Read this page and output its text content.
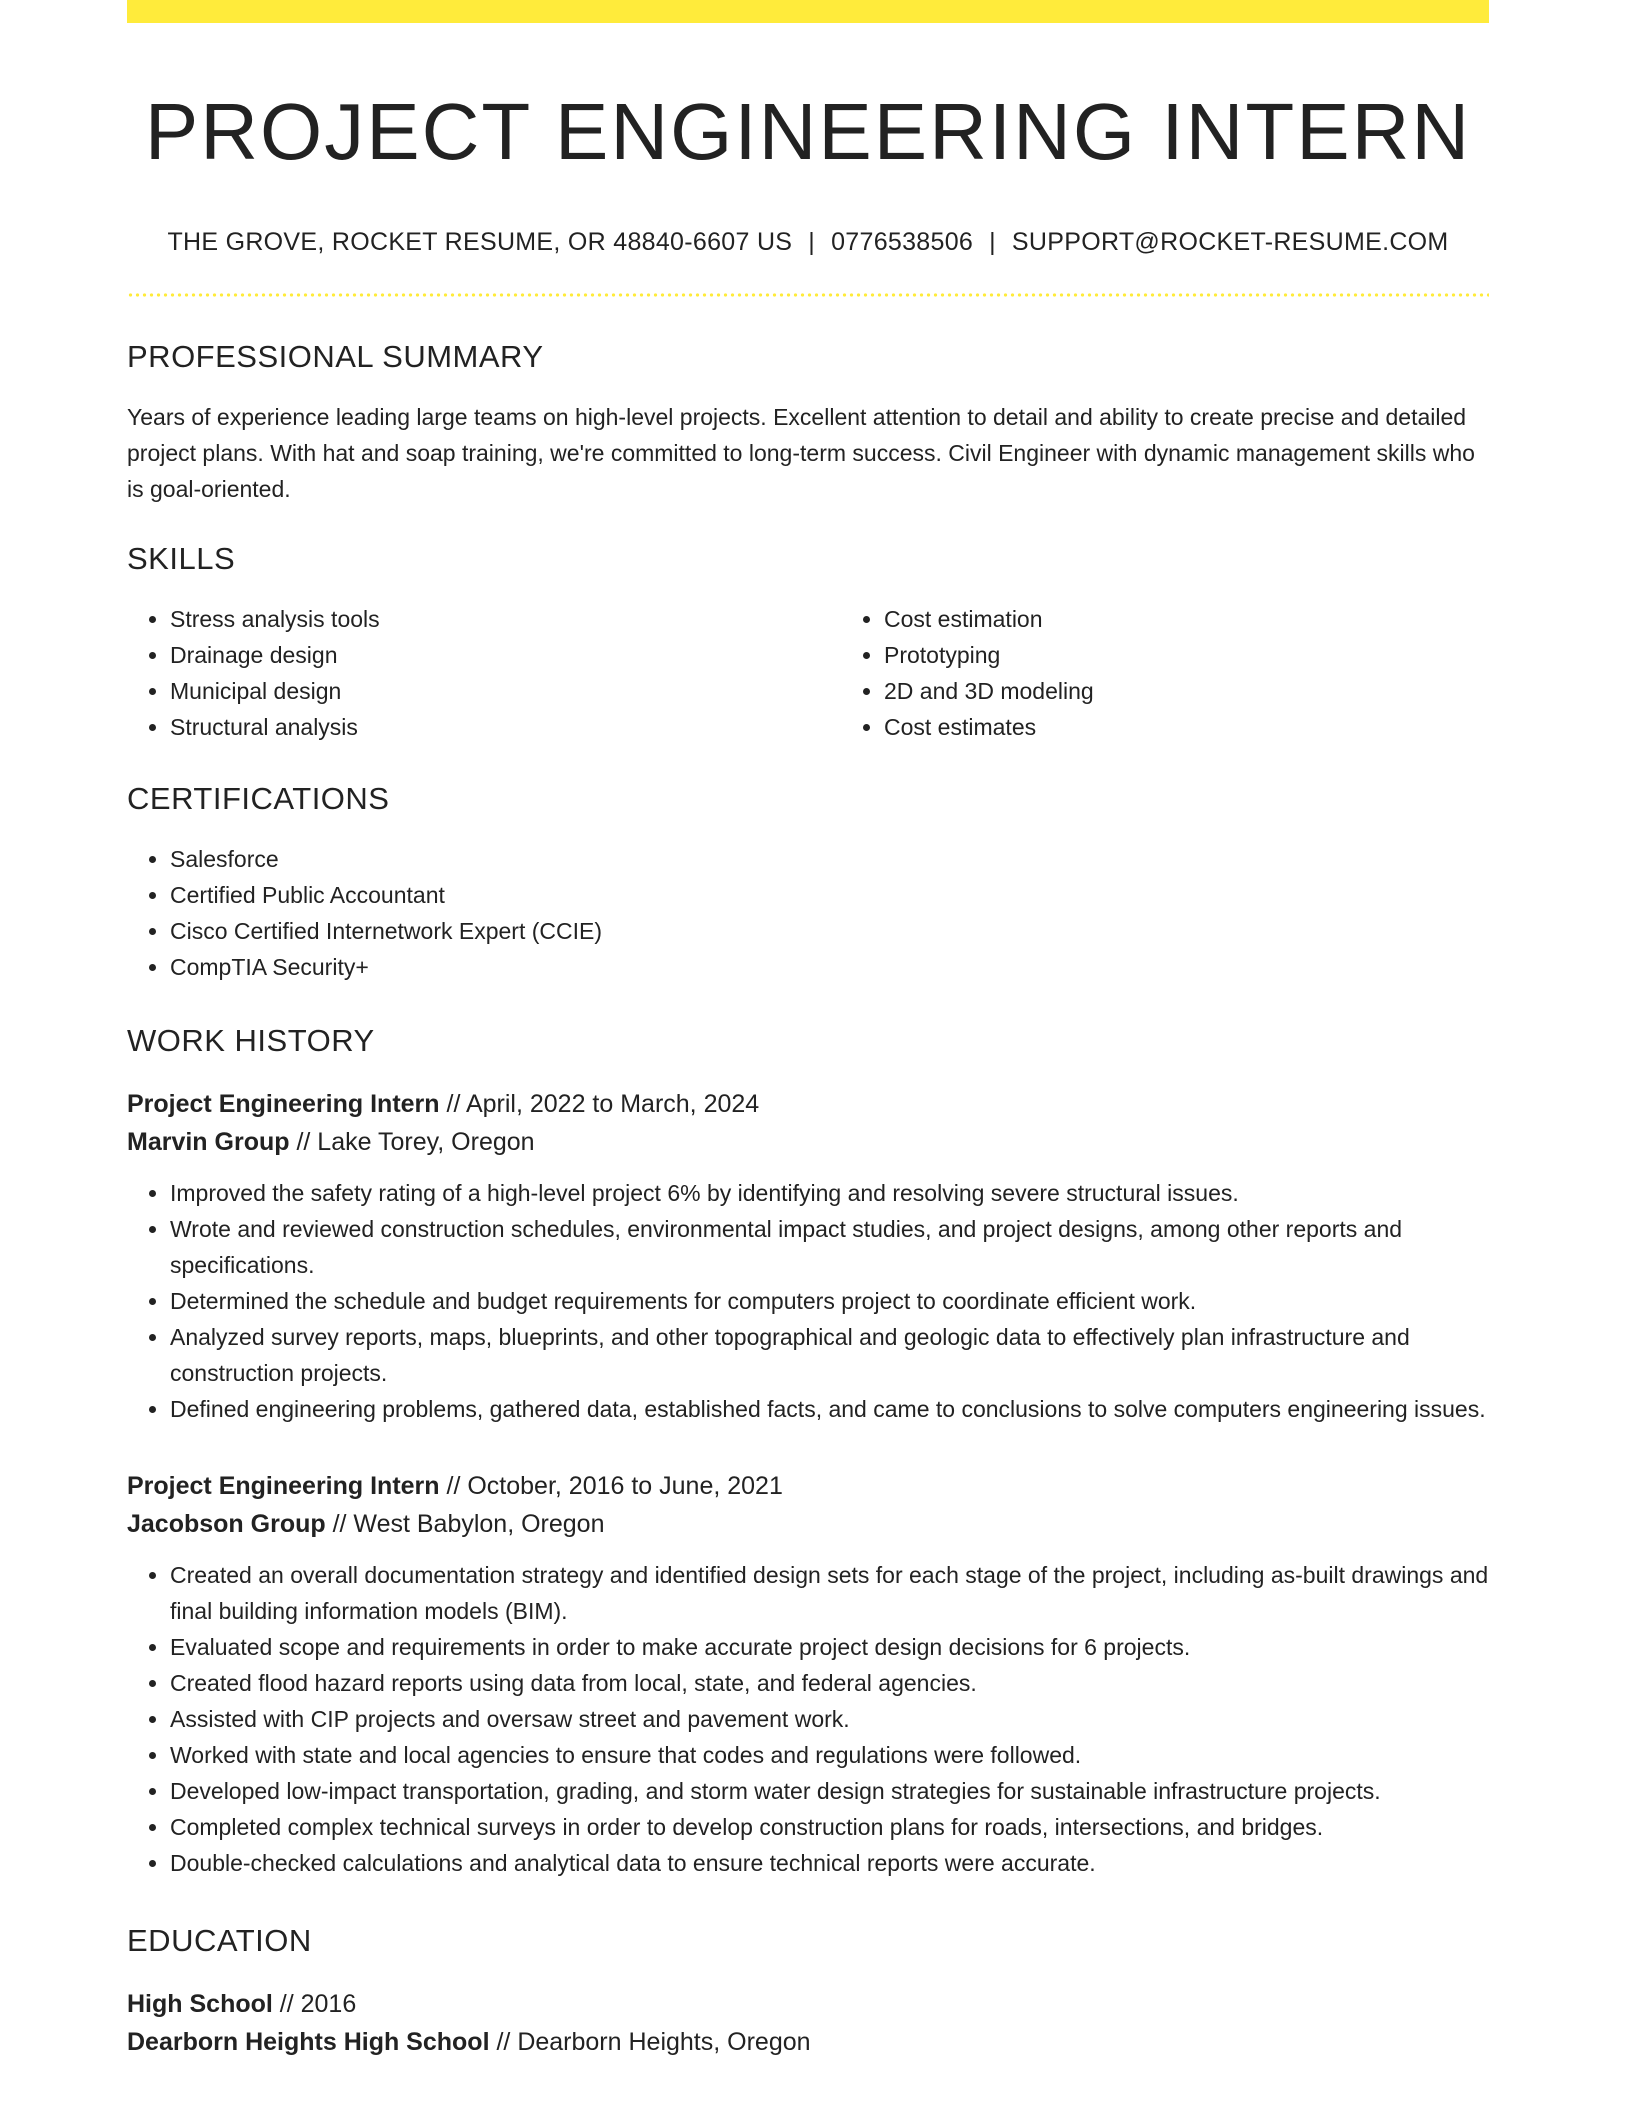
PROJECT ENGINEERING INTERN
THE GROVE, ROCKET RESUME, OR 48840-6607 US | 0776538506 | SUPPORT@ROCKET-RESUME.COM
PROFESSIONAL SUMMARY

Years of experience leading large teams on high-level projects. Excellent attention to detail and ability to create precise and detailed project plans. With hat and soap training, we're committed to long-term success. Civil Engineer with dynamic management skills who is goal-oriented.

SKILLS
• Stress analysis tools
• Drainage design
• Municipal design
• Structural analysis
• Cost estimation
• Prototyping
• 2D and 3D modeling
• Cost estimates
CERTIFICATIONS
• Salesforce
• Certified Public Accountant
• Cisco Certified Internetwork Expert (CCIE)
• CompTIA Security+
WORK HISTORY
Project Engineering Intern // April, 2022 to March, 2024
Marvin Group // Lake Torey, Oregon
• Improved the safety rating of a high-level project 6% by identifying and resolving severe structural issues.
• Wrote and reviewed construction schedules, environmental impact studies, and project designs, among other reports and specifications.
• Determined the schedule and budget requirements for computers project to coordinate efficient work.
• Analyzed survey reports, maps, blueprints, and other topographical and geologic data to effectively plan infrastructure and construction projects.
• Defined engineering problems, gathered data, established facts, and came to conclusions to solve computers engineering issues.
Project Engineering Intern // October, 2016 to June, 2021
Jacobson Group // West Babylon, Oregon
• Created an overall documentation strategy and identified design sets for each stage of the project, including as-built drawings and final building information models (BIM).
• Evaluated scope and requirements in order to make accurate project design decisions for 6 projects.
• Created flood hazard reports using data from local, state, and federal agencies.
• Assisted with CIP projects and oversaw street and pavement work.
• Worked with state and local agencies to ensure that codes and regulations were followed.
• Developed low-impact transportation, grading, and storm water design strategies for sustainable infrastructure projects.
• Completed complex technical surveys in order to develop construction plans for roads, intersections, and bridges.
• Double-checked calculations and analytical data to ensure technical reports were accurate.
EDUCATION
High School // 2016
Dearborn Heights High School // Dearborn Heights, Oregon
